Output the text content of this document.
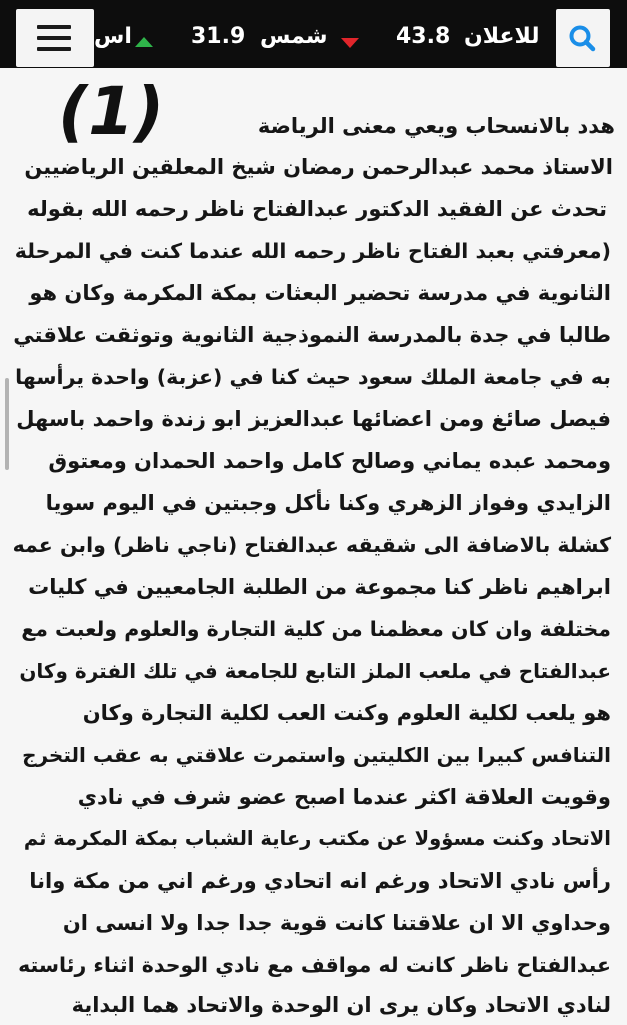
اس	31.9 شمس	43.8 للاعلان
(1)	هدد بالانسحاب ويعي معنى الرياضة

الاستاذ محمد عبدالرحمن رمضان شيخ المعلقين الرياضيين

تحدث عن الفقيد الدكتور عبدالفتاح ناظر رحمه الله بقوله

(معرفتي بعبد الفتاح ناظر رحمه الله عندما كنت في المرحلة

الثانوية في مدرسة تحضير البعثات بمكة المكرمة وكان هو

طالبا في جدة بالمدرسة النموذجية الثانوية وتوثقت علاقتي

به في جامعة الملك سعود حيث كنا في (عزبة) واحدة يرأسها

فيصل صائغ ومن اعضائها عبدالعزيز ابو زندة واحمد باسهل

ومحمد عبده يماني وصالح كامل واحمد الحمدان ومعتوق

الزايدي وفواز الزهري وكنا نأكل وجبتين في اليوم سويا

كشلة بالاضافة الى شقيقه عبدالفتاح (ناجي ناظر) وابن عمه

ابراهيم ناظر كنا مجموعة من الطلبة الجامعيين في كليات

مختلفة وان كان معظمنا من كلية التجارة والعلوم ولعبت مع

عبدالفتاح في ملعب الملز التابع للجامعة في تلك الفترة وكان

هو يلعب لكلية العلوم وكنت العب لكلية التجارة وكان

التنافس كبيرا بين الكليتين واستمرت علاقتي به عقب التخرج

وقويت العلاقة اكثر عندما اصبح عضو شرف في نادي

الاتحاد وكنت مسؤولا عن مكتب رعاية الشباب بمكة المكرمة ثم

رأس نادي الاتحاد ورغم انه اتحادي ورغم اني من مكة وانا

وحداوي الا ان علاقتنا كانت قوية جدا جدا ولا انسى ان

عبدالفتاح ناظر كانت له مواقف مع نادي الوحدة اثناء رئاسته

لنادي الاتحاد وكان يرى ان الوحدة والاتحاد هما البداية
